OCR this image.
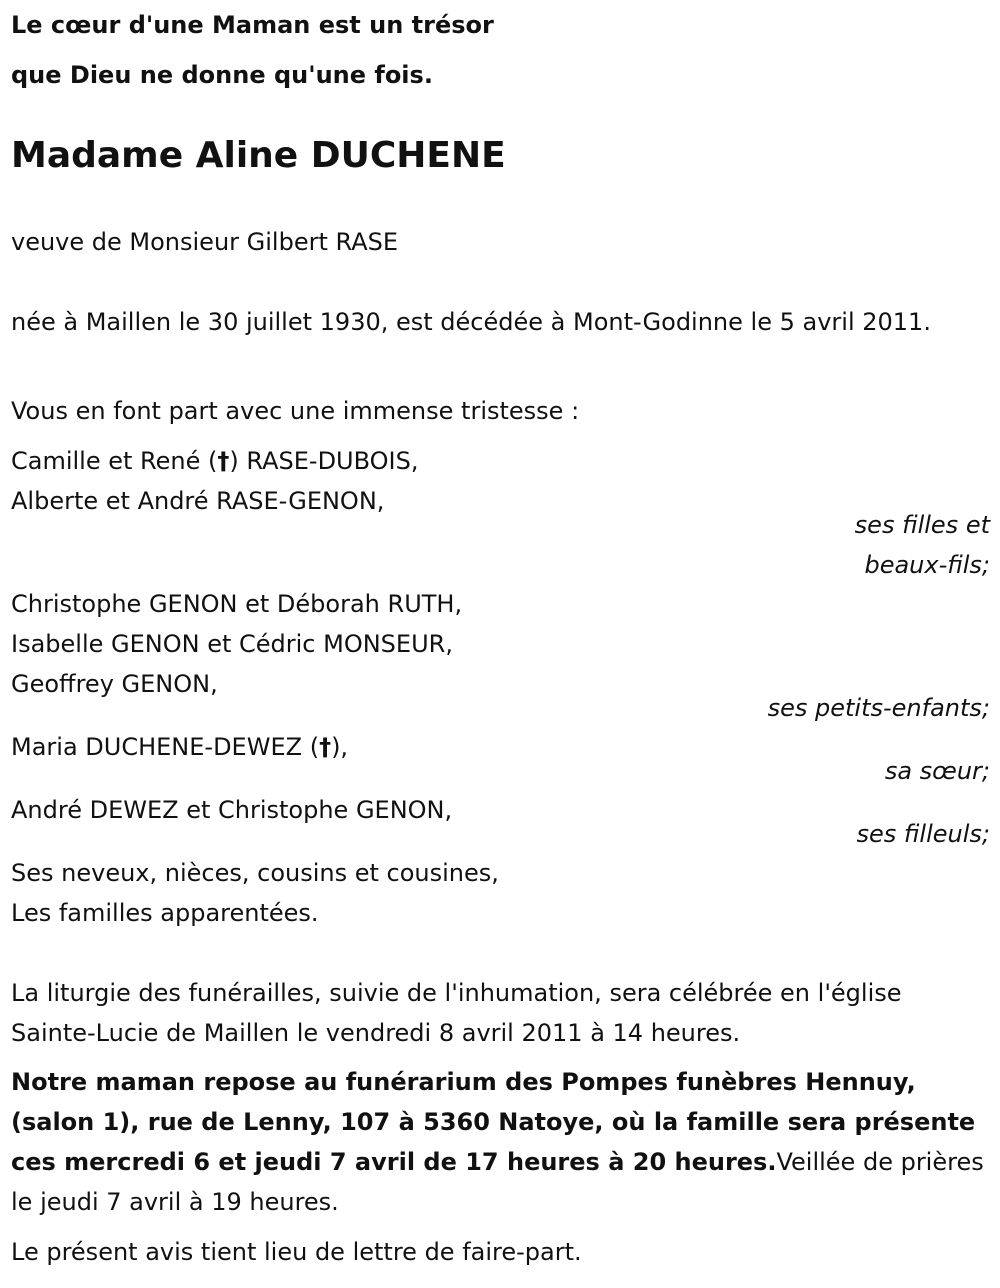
Le cœur d'une Maman est un trésor
que Dieu ne donne qu'une fois.

Madame Aline DUCHENE

veuve de Monsieur Gilbert RASE

née à Maillen le 30 juillet 1930, est décédée à Mont-Godinne le 5 avril 2011.

Vous en font part avec une immense tristesse :

Camille et René (†) RASE-DUBOIS,
Alberte et André RASE-GENON,

ses filles et
beaux-fils;

Christophe GENON et Déborah RUTH,
Isabelle GENON et Cédric MONSEUR,
Geoffrey GENON,

ses petits-enfants;

Maria DUCHENE-DEWEZ (†),

sa sœur;

André DEWEZ et Christophe GENON,

ses filleuls;

Ses neveux, nièces, cousins et cousines,
Les familles apparentées.

La liturgie des funérailles, suivie de l'inhumation, sera célébrée en l'église Sainte-Lucie de Maillen le vendredi 8 avril 2011 à 14 heures.

Notre maman repose au funérarium des Pompes funèbres Hennuy, (salon 1), rue de Lenny, 107 à 5360 Natoye, où la famille sera présente ces mercredi 6 et jeudi 7 avril de 17 heures à 20 heures.Veillée de prières le jeudi 7 avril à 19 heures.

Le présent avis tient lieu de lettre de faire-part.
